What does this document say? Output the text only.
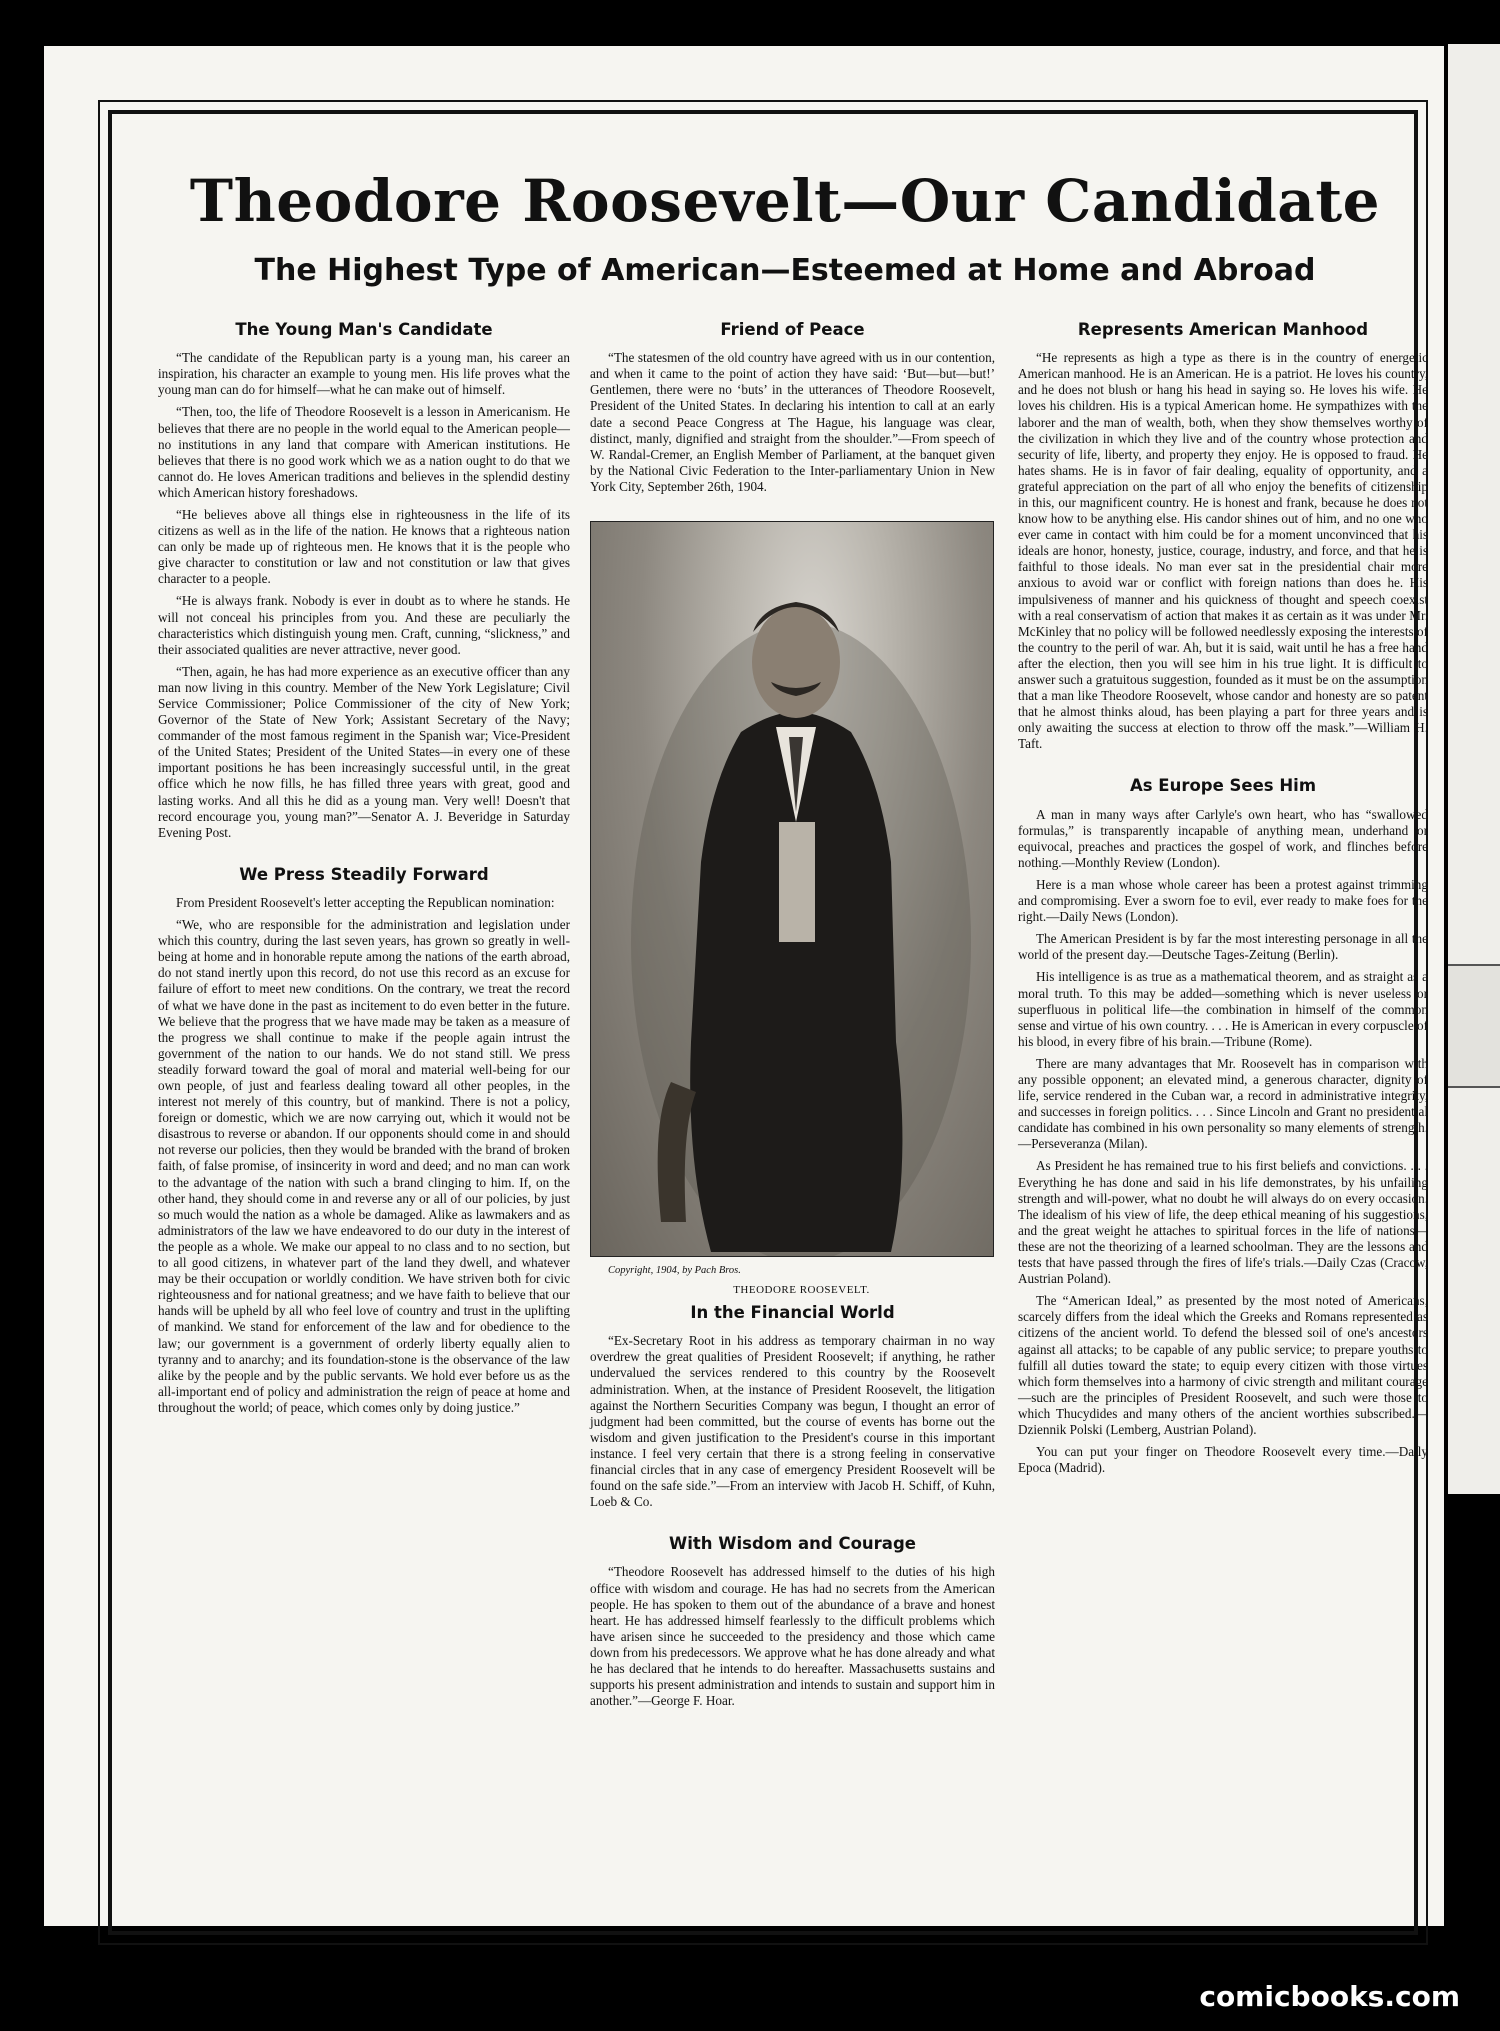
Theodore Roosevelt—Our Candidate
The Highest Type of American—Esteemed at Home and Abroad
The Young Man's Candidate

“The candidate of the Republican party is a young man, his career an inspiration, his character an example to young men. His life proves what the young man can do for himself—what he can make out of himself.

“Then, too, the life of Theodore Roosevelt is a lesson in Americanism. He believes that there are no people in the world equal to the American people—no institutions in any land that compare with American institutions. He believes that there is no good work which we as a nation ought to do that we cannot do. He loves American traditions and believes in the splendid destiny which American history foreshadows.

“He believes above all things else in righteousness in the life of its citizens as well as in the life of the nation. He knows that a righteous nation can only be made up of righteous men. He knows that it is the people who give character to constitution or law and not constitution or law that gives character to a people.

“He is always frank. Nobody is ever in doubt as to where he stands. He will not conceal his principles from you. And these are peculiarly the characteristics which distinguish young men. Craft, cunning, “slickness,” and their associated qualities are never attractive, never good.

“Then, again, he has had more experience as an executive officer than any man now living in this country. Member of the New York Legislature; Civil Service Commissioner; Police Commissioner of the city of New York; Governor of the State of New York; Assistant Secretary of the Navy; commander of the most famous regiment in the Spanish war; Vice-President of the United States; President of the United States—in every one of these important positions he has been increasingly successful until, in the great office which he now fills, he has filled three years with great, good and lasting works. And all this he did as a young man. Very well! Doesn't that record encourage you, young man?”—Senator A. J. Beveridge in Saturday Evening Post.

We Press Steadily Forward

From President Roosevelt's letter accepting the Republican nomination:

“We, who are responsible for the administration and legislation under which this country, during the last seven years, has grown so greatly in well-being at home and in honorable repute among the nations of the earth abroad, do not stand inertly upon this record, do not use this record as an excuse for failure of effort to meet new conditions. On the contrary, we treat the record of what we have done in the past as incitement to do even better in the future. We believe that the progress that we have made may be taken as a measure of the progress we shall continue to make if the people again intrust the government of the nation to our hands. We do not stand still. We press steadily forward toward the goal of moral and material well-being for our own people, of just and fearless dealing toward all other peoples, in the interest not merely of this country, but of mankind. There is not a policy, foreign or domestic, which we are now carrying out, which it would not be disastrous to reverse or abandon. If our opponents should come in and should not reverse our policies, then they would be branded with the brand of broken faith, of false promise, of insincerity in word and deed; and no man can work to the advantage of the nation with such a brand clinging to him. If, on the other hand, they should come in and reverse any or all of our policies, by just so much would the nation as a whole be damaged. Alike as lawmakers and as administrators of the law we have endeavored to do our duty in the interest of the people as a whole. We make our appeal to no class and to no section, but to all good citizens, in whatever part of the land they dwell, and whatever may be their occupation or worldly condition. We have striven both for civic righteousness and for national greatness; and we have faith to believe that our hands will be upheld by all who feel love of country and trust in the uplifting of mankind. We stand for enforcement of the law and for obedience to the law; our government is a government of orderly liberty equally alien to tyranny and to anarchy; and its foundation-stone is the observance of the law alike by the people and by the public servants. We hold ever before us as the all-important end of policy and administration the reign of peace at home and throughout the world; of peace, which comes only by doing justice.”

Friend of Peace

“The statesmen of the old country have agreed with us in our contention, and when it came to the point of action they have said: ‘But—but—but!’ Gentlemen, there were no ‘buts’ in the utterances of Theodore Roosevelt, President of the United States. In declaring his intention to call at an early date a second Peace Congress at The Hague, his language was clear, distinct, manly, dignified and straight from the shoulder.”—From speech of W. Randal-Cremer, an English Member of Parliament, at the banquet given by the National Civic Federation to the Inter-parliamentary Union in New York City, September 26th, 1904.

Copyright, 1904, by Pach Bros.

THEODORE ROOSEVELT.

In the Financial World

“Ex-Secretary Root in his address as temporary chairman in no way overdrew the great qualities of President Roosevelt; if anything, he rather undervalued the services rendered to this country by the Roosevelt administration. When, at the instance of President Roosevelt, the litigation against the Northern Securities Company was begun, I thought an error of judgment had been committed, but the course of events has borne out the wisdom and given justification to the President's course in this important instance. I feel very certain that there is a strong feeling in conservative financial circles that in any case of emergency President Roosevelt will be found on the safe side.”—From an interview with Jacob H. Schiff, of Kuhn, Loeb & Co.

With Wisdom and Courage

“Theodore Roosevelt has addressed himself to the duties of his high office with wisdom and courage. He has had no secrets from the American people. He has spoken to them out of the abundance of a brave and honest heart. He has addressed himself fearlessly to the difficult problems which have arisen since he succeeded to the presidency and those which came down from his predecessors. We approve what he has done already and what he has declared that he intends to do hereafter. Massachusetts sustains and supports his present administration and intends to sustain and support him in another.”—George F. Hoar.

Represents American Manhood

“He represents as high a type as there is in the country of energetic American manhood. He is an American. He is a patriot. He loves his country, and he does not blush or hang his head in saying so. He loves his wife. He loves his children. His is a typical American home. He sympathizes with the laborer and the man of wealth, both, when they show themselves worthy of the civilization in which they live and of the country whose protection and security of life, liberty, and property they enjoy. He is opposed to fraud. He hates shams. He is in favor of fair dealing, equality of opportunity, and a grateful appreciation on the part of all who enjoy the benefits of citizenship in this, our magnificent country. He is honest and frank, because he does not know how to be anything else. His candor shines out of him, and no one who ever came in contact with him could be for a moment unconvinced that his ideals are honor, honesty, justice, courage, industry, and force, and that he is faithful to those ideals. No man ever sat in the presidential chair more anxious to avoid war or conflict with foreign nations than does he. His impulsiveness of manner and his quickness of thought and speech coexist with a real conservatism of action that makes it as certain as it was under Mr. McKinley that no policy will be followed needlessly exposing the interests of the country to the peril of war. Ah, but it is said, wait until he has a free hand after the election, then you will see him in his true light. It is difficult to answer such a gratuitous suggestion, founded as it must be on the assumption that a man like Theodore Roosevelt, whose candor and honesty are so patent that he almost thinks aloud, has been playing a part for three years and is only awaiting the success at election to throw off the mask.”—William H. Taft.

As Europe Sees Him

A man in many ways after Carlyle's own heart, who has “swallowed formulas,” is transparently incapable of anything mean, underhand or equivocal, preaches and practices the gospel of work, and flinches before nothing.—Monthly Review (London).

Here is a man whose whole career has been a protest against trimming and compromising. Ever a sworn foe to evil, ever ready to make foes for the right.—Daily News (London).

The American President is by far the most interesting personage in all the world of the present day.—Deutsche Tages-Zeitung (Berlin).

His intelligence is as true as a mathematical theorem, and as straight as a moral truth. To this may be added—something which is never useless or superfluous in political life—the combination in himself of the common sense and virtue of his own country. . . . He is American in every corpuscle of his blood, in every fibre of his brain.—Tribune (Rome).

There are many advantages that Mr. Roosevelt has in comparison with any possible opponent; an elevated mind, a generous character, dignity of life, service rendered in the Cuban war, a record in administrative integrity, and successes in foreign politics. . . . Since Lincoln and Grant no presidential candidate has combined in his own personality so many elements of strength.—Perseveranza (Milan).

As President he has remained true to his first beliefs and convictions. . . . Everything he has done and said in his life demonstrates, by his unfailing strength and will-power, what no doubt he will always do on every occasion. The idealism of his view of life, the deep ethical meaning of his suggestions, and the great weight he attaches to spiritual forces in the life of nations—these are not the theorizing of a learned schoolman. They are the lessons and tests that have passed through the fires of life's trials.—Daily Czas (Cracow, Austrian Poland).

The “American Ideal,” as presented by the most noted of Americans, scarcely differs from the ideal which the Greeks and Romans represented as citizens of the ancient world. To defend the blessed soil of one's ancestors against all attacks; to be capable of any public service; to prepare youths to fulfill all duties toward the state; to equip every citizen with those virtues which form themselves into a harmony of civic strength and militant courage—such are the principles of President Roosevelt, and such were those to which Thucydides and many others of the ancient worthies subscribed.—Dziennik Polski (Lemberg, Austrian Poland).

You can put your finger on Theodore Roosevelt every time.—Daily Epoca (Madrid).

comicbooks.com
